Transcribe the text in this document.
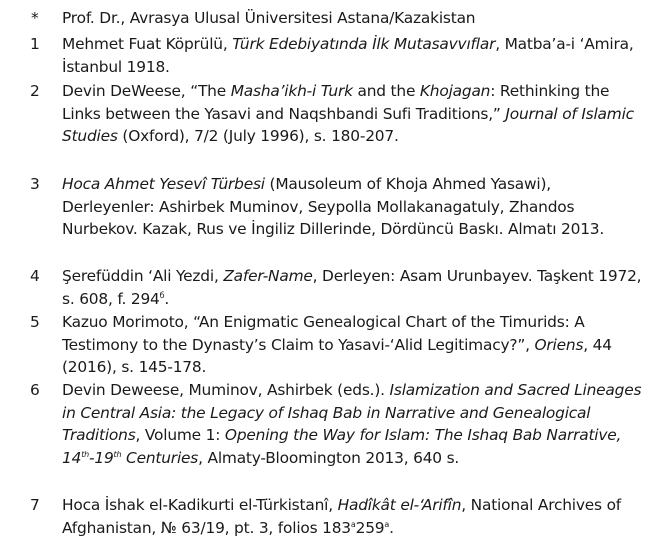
*	Prof. Dr., Avrasya Ulusal Üniversitesi Astana/Kazakistan
1	Mehmet Fuat Köprülü, Türk Edebiyatında İlk Mutasavvıflar, Matba’a-i ‘Amira, İstanbul 1918.
2	Devin DeWeese, “The Masha’ikh-i Turk and the Khojagan: Rethinking the Links between the Yasavi and Naqshbandi Sufi Traditions,” Journal of Islamic Studies (Oxford), 7/2 (July 1996), s. 180-207.
3	Hoca Ahmet Yesevî Türbesi (Mausoleum of Khoja Ahmed Yasawi), Derleyenler: Ashirbek Muminov, Seypolla Mollakanagatuly, Zhandos Nurbekov. Kazak, Rus ve İngiliz Dillerinde, Dördüncü Baskı. Almatı 2013.
4	Şerefüddin ‘Ali Yezdi, Zafer-Name, Derleyen: Asam Urunbayev. Taşkent 1972, s. 608, f. $294^б$.
5	Kazuo Morimoto, “An Enigmatic Genealogical Chart of the Timurids: A Testimony to the Dynasty’s Claim to Yasavi-‘Alid Legitimacy?”, Oriens, 44 (2016), s. 145-178.
6	Devin Deweese, Muminov, Ashirbek (eds.). Islamization and Sacred Lineages in Central Asia: the Legacy of Ishaq Bab in Narrative and Genealogical Traditions, Volume 1: Opening the Way for Islam: The Ishaq Bab Narrative, 14th-19th Centuries, Almaty-Bloomington 2013, 640 s.
7	Hoca İshak el-Kadikurti el-Türkistanî, Hadîkât el-‘Arifîn, National Archives of Afghanistan, № 63/19, pt. 3, folios 183$^a$259$^a$.
